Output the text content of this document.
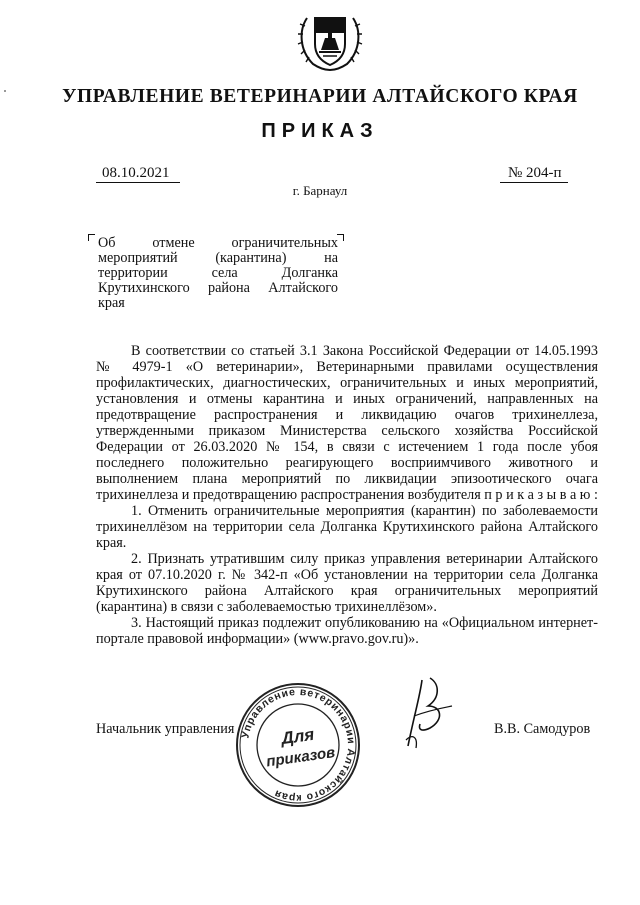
УПРАВЛЕНИЕ ВЕТЕРИНАРИИ АЛТАЙСКОГО КРАЯ
ПРИКАЗ
08.10.2021	№ 204-п
г. Барнаул
Об отмене ограничительных мероприятий (карантина) на территории села Долганка Крутихинского района Алтайского края

В соответствии со статьей 3.1 Закона Российской Федерации от 14.05.1993 № 4979-1 «О ветеринарии», Ветеринарными правилами осуществления профилактических, диагностических, ограничительных и иных мероприятий, установления и отмены карантина и иных ограничений, направленных на предотвращение распространения и ликвидацию очагов трихинеллеза, утвержденными приказом Министерства сельского хозяйства Российской Федерации от 26.03.2020 № 154, в связи с истечением 1 года после убоя последнего положительно реагирующего восприимчивого животного и выполнением плана мероприятий по ликвидации эпизоотического очага трихинеллеза и предотвращению распространения возбудителя п р и к а з ы в а ю :

1. Отменить ограничительные мероприятия (карантин) по заболеваемости трихинеллёзом на территории села Долганка Крутихинского района Алтайского края.

2. Признать утратившим силу приказ управления ветеринарии Алтайского края от 07.10.2020 г. № 342-п «Об установлении на территории села Долганка Крутихинского района Алтайского края ограничительных мероприятий (карантина) в связи с заболеваемостью трихинеллёзом».

3. Настоящий приказ подлежит опубликованию на «Официальном интернет-портале правовой информации» (www.pravo.gov.ru)».

Начальник управления Управление ветеринарии Алтайского края
Для
приказов
В.В. Самодуров
